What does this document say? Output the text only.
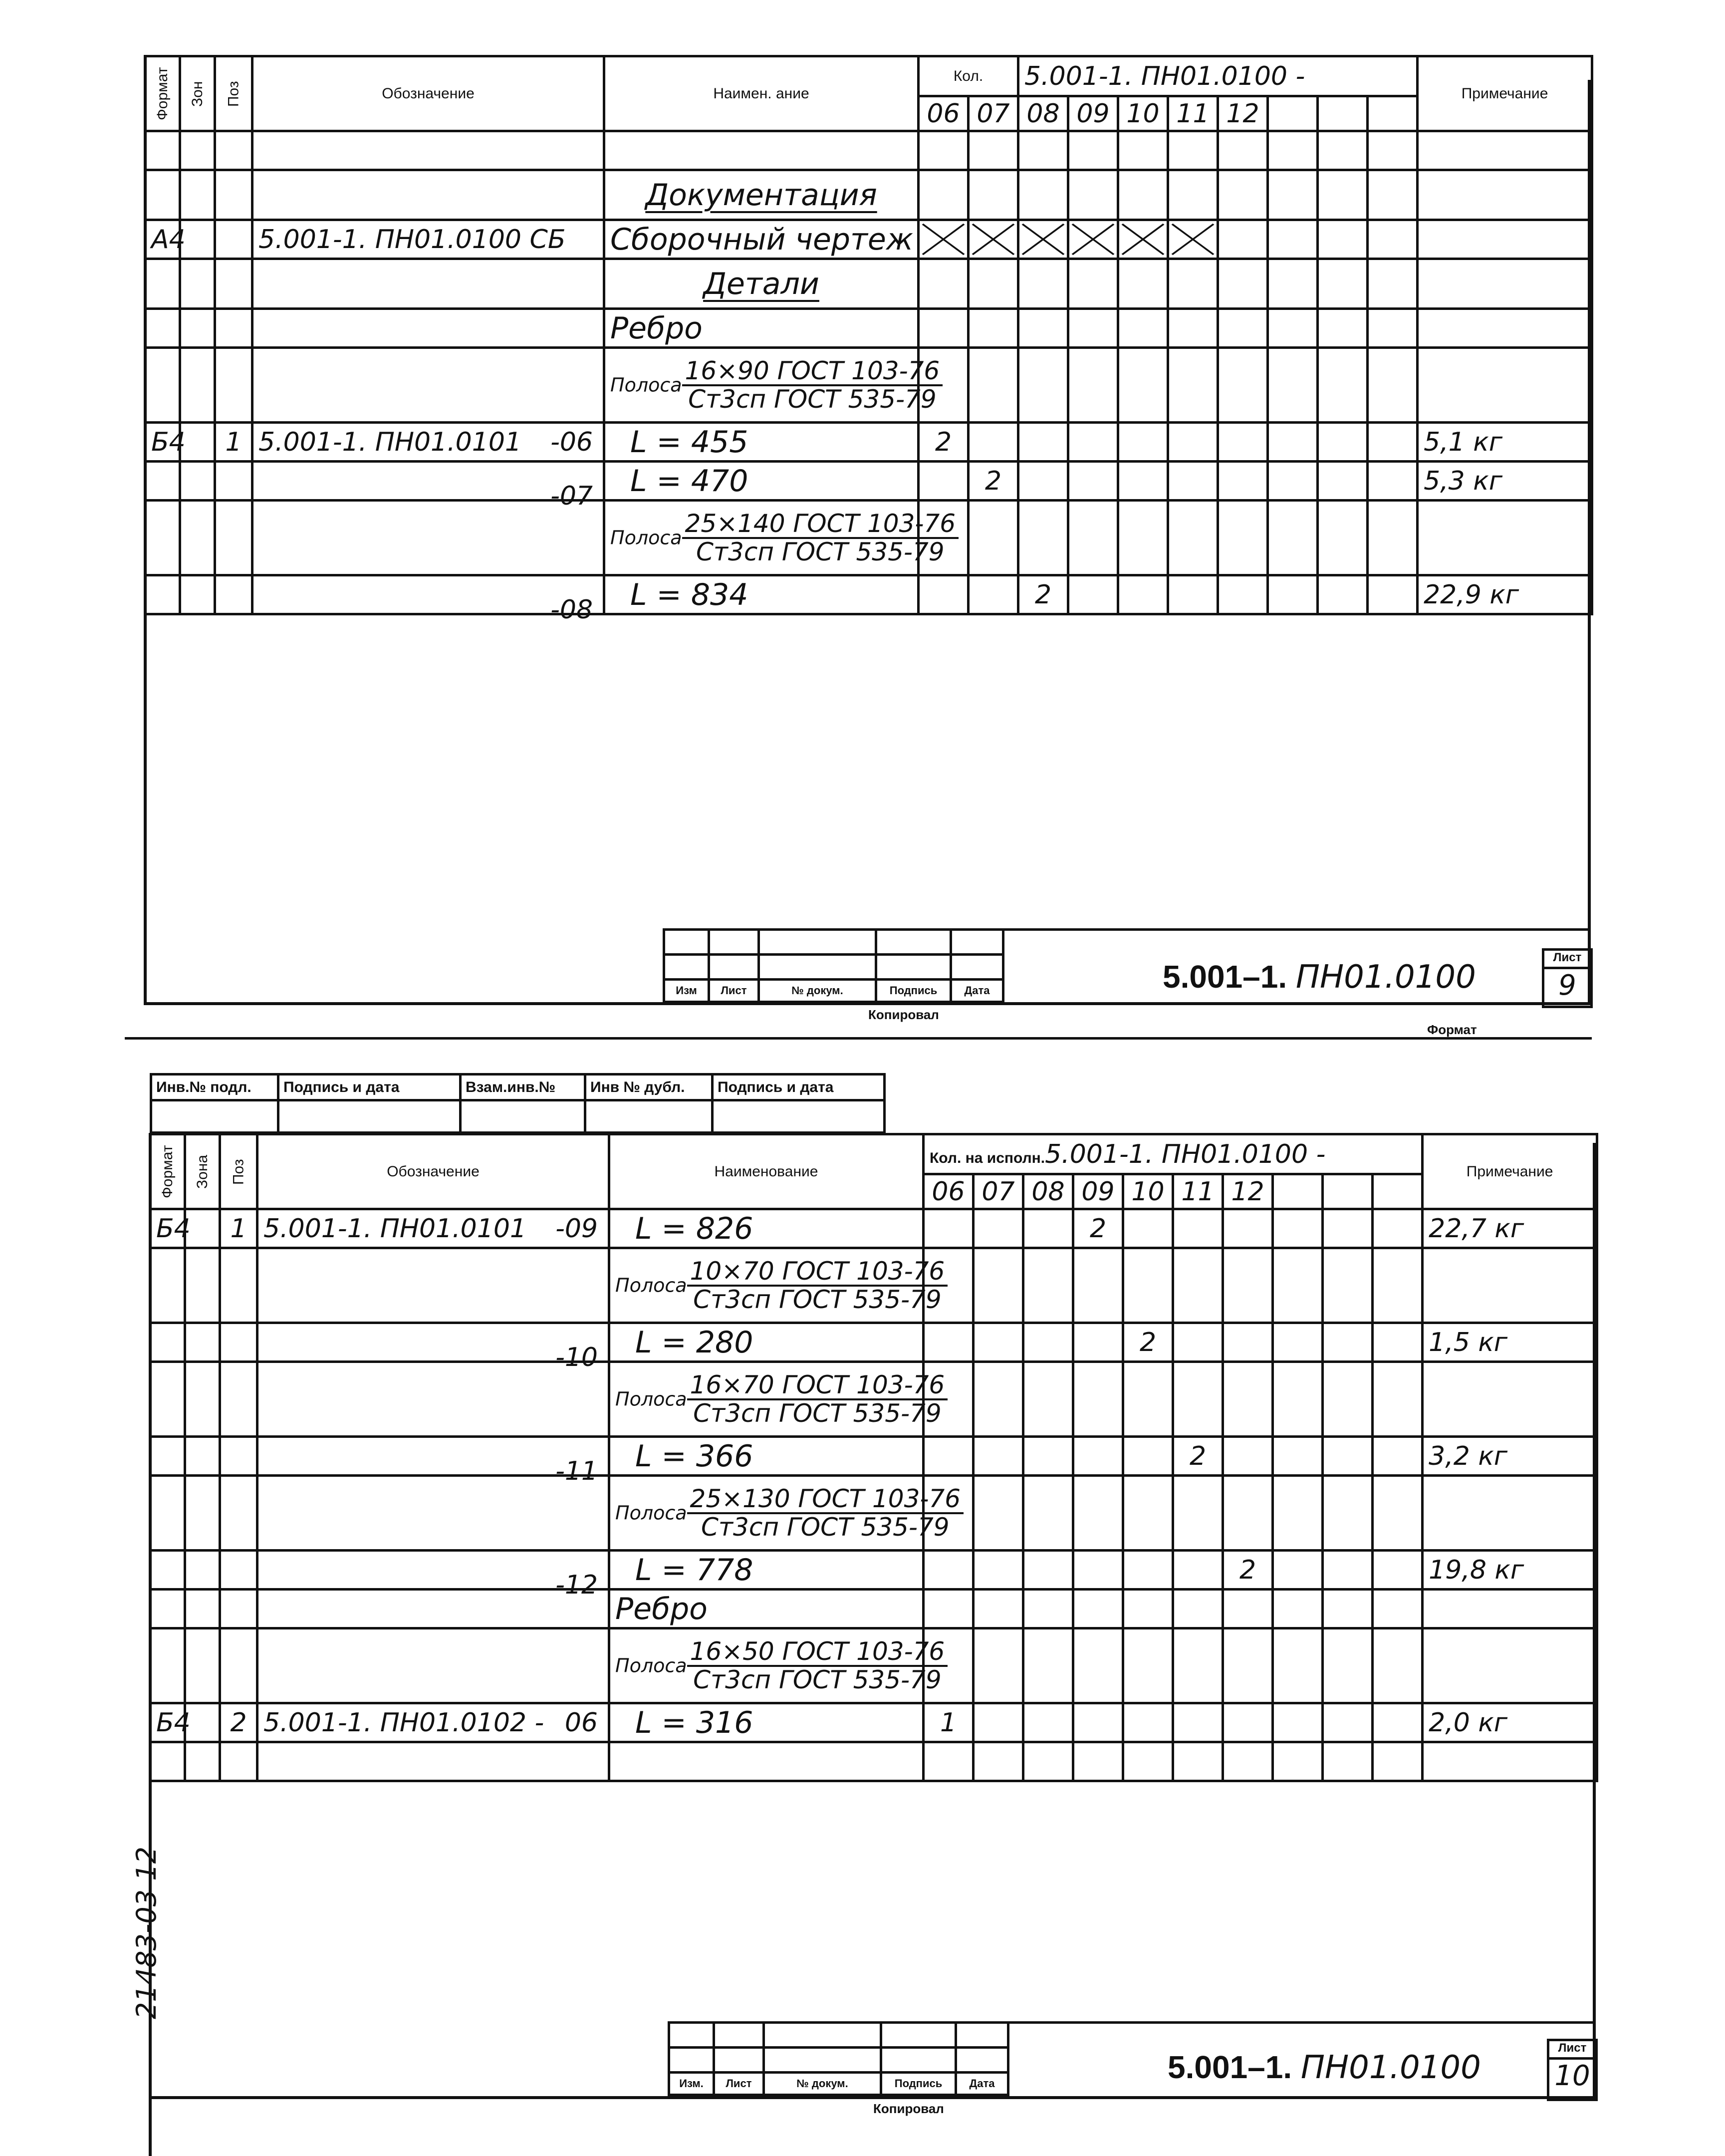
Формат	Зон	Поз	Обозначение	Наимен. ание	Кол.		5.001-1. ПН01.0100 -								Примечание
					06	07	08	09	10	11	12				

				Документация											
А4			5.001-1. ПН01.0100 СБ	Сборочный чертеж	

				Детали											
				Ребро											
				Полоса $\frac{\text{16×90 ГОСТ 103-76}}{\text{Ст3сп ГОСТ 535-79}}$

Б4		1	5.001-1. ПН01.0101 -06	L = 455	2										5,1 кг

			-07	L = 470		2									5,3 кг
				Полоса $\frac{\text{25×140 ГОСТ 103-76}}{\text{Ст3сп ГОСТ 535-79}}$

			-08	L = 834			2								22,9 кг

Изм	Лист	№ докум.	Подпись	Дата	5.001–1. ПН01.0100
Лист
9
Копировал
Формат
Инв.№ подл.	Подпись и дата	Взам.инв.№	Инв № дубл.	Подпись и дата

Формат	Зона	Поз	Обозначение	Наименование	Кол. на исполн.5.001-1. ПН01.0100 -										Примечание
					06	07	08	09	10	11	12				
Б4		1	5.001-1. ПН01.0101 -09	L = 826				2							22,7 кг
				Полоса $\frac{\text{10×70 ГОСТ 103-76}}{\text{Ст3сп ГОСТ 535-79}}$

			-10	L = 280					2						1,5 кг
				Полоса $\frac{\text{16×70 ГОСТ 103-76}}{\text{Ст3сп ГОСТ 535-79}}$

			-11	L = 366						2					3,2 кг
				Полоса $\frac{\text{25×130 ГОСТ 103-76}}{\text{Ст3сп ГОСТ 535-79}}$

			-12	L = 778							2				19,8 кг
				Ребро											
				Полоса $\frac{\text{16×50 ГОСТ 103-76}}{\text{Ст3сп ГОСТ 535-79}}$

Б4		2	5.001-1. ПН01.0102 - 06	L = 316	1										2,0 кг

Изм.	Лист	№ докум.	Подпись	Дата	5.001–1. ПН01.0100
Лист
10
Копировал
21483-03 12
